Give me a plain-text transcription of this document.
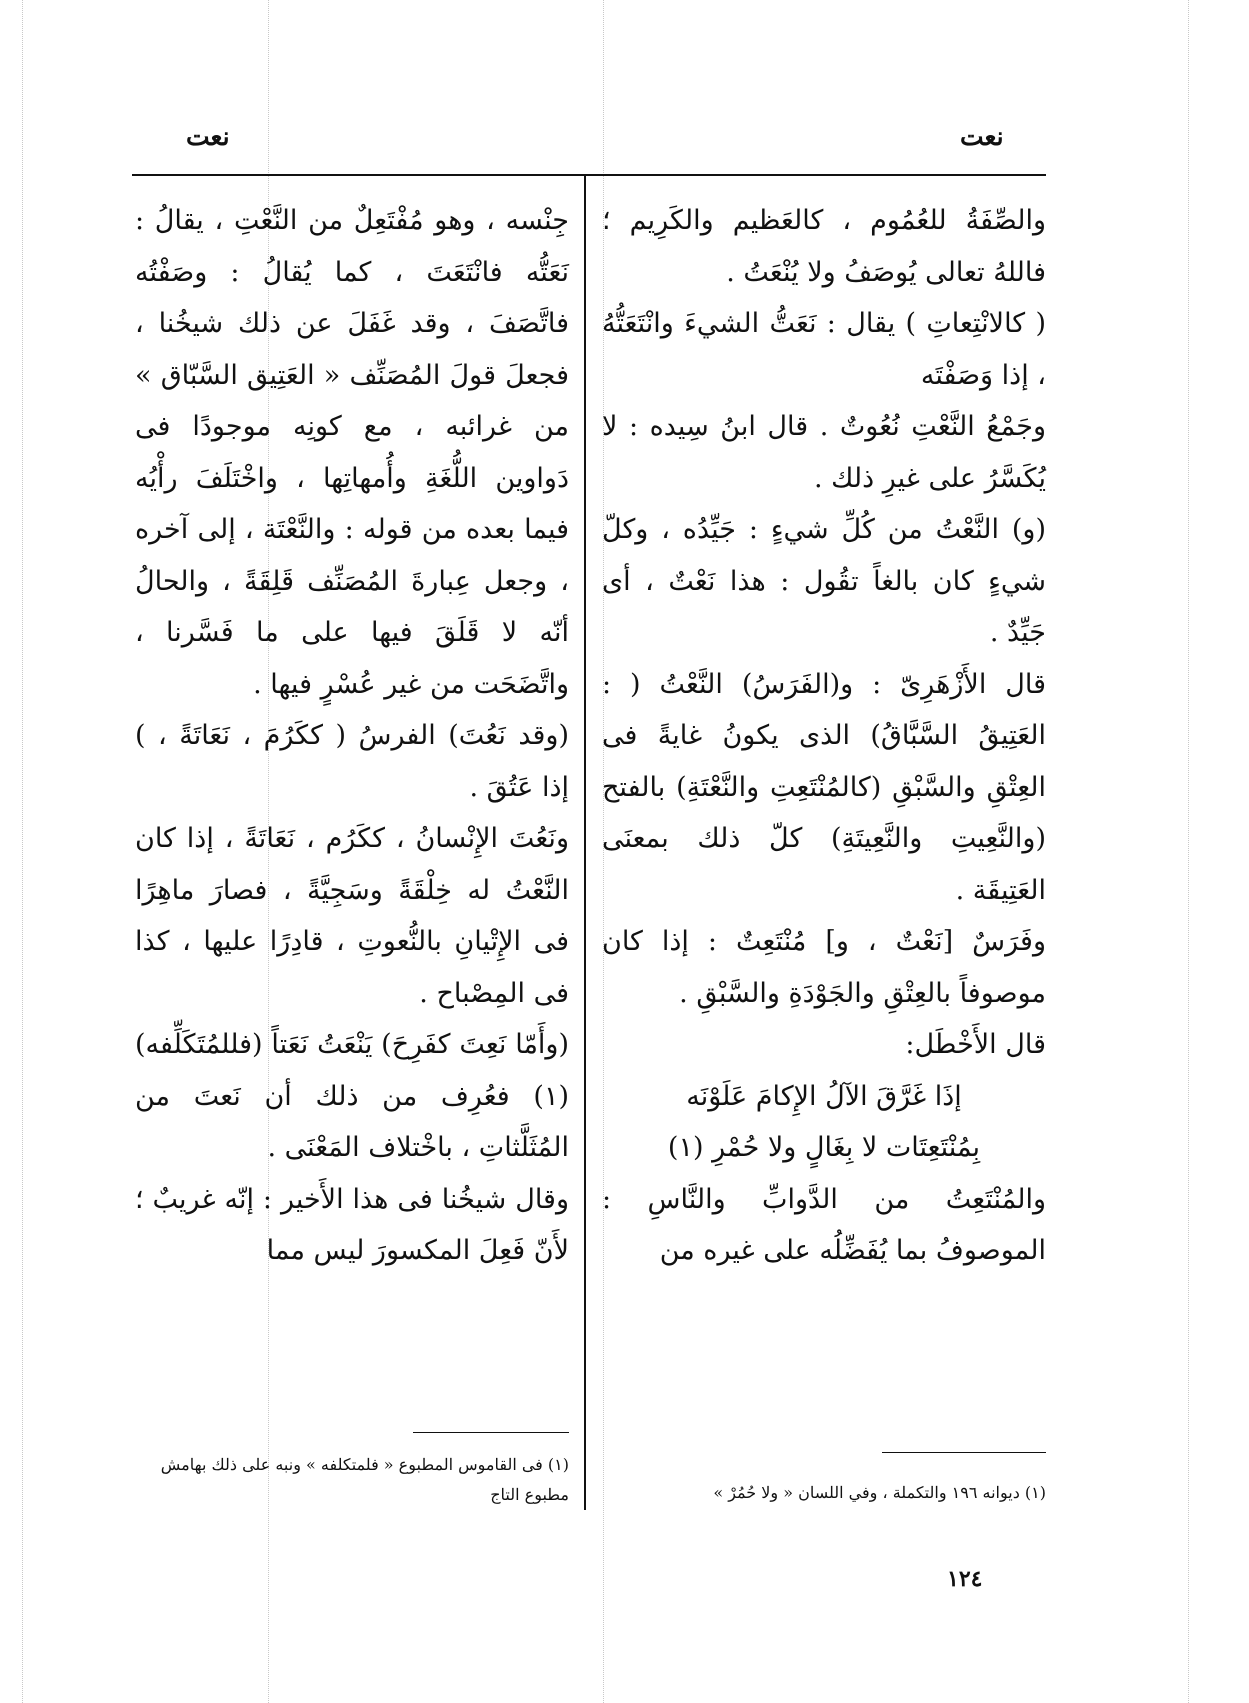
نعت
نعت

والصِّفَةُ للعُمُوم ، كالعَظيم والكَرِيم ؛ فاللهُ تعالى يُوصَفُ ولا يُنْعَتُ .

( كالانْتِعاتِ ) يقال : نَعَتُّ الشيءَ وانْتَعَتُّهُ ، إذا وَصَفْتَه

وجَمْعُ النَّعْتِ نُعُوتٌ . قال ابنُ سِيده : لا يُكَسَّرُ على غيرِ ذلك .

(و) النَّعْتُ من كُلِّ شيءٍ : جَيِّدُه ، وكلّ شيءٍ كان بالغاً تقُول : هذا نَعْتٌ ، أى جَيِّدٌ .

قال الأَزْهَرِىّ : و(الفَرَسُ) النَّعْتُ ( : العَتِيقُ السَّبَّاقُ) الذى يكونُ غايةً فى العِتْقِ والسَّبْقِ (كالمُنْتَعِتِ والنَّعْتَةِ) بالفتح (والنَّعِيتِ والنَّعِيتَةِ) كلّ ذلك بمعنَى العَتِيقَة .

وفَرَسٌ [نَعْتٌ ، و] مُنْتَعِتٌ : إذا كان موصوفاً بالعِتْقِ والجَوْدَةِ والسَّبْقِ .

قال الأَخْطَل:

إذَا غَرَّقَ الآلُ الإِكامَ عَلَوْنَه

بِمُنْتَعِتَات لا بِغَالٍ ولا حُمْرِ (١)

والمُنْتَعِتُ من الدَّوابِّ والنَّاسِ : الموصوفُ بما يُفَضِّلُه على غيره من

جِنْسه ، وهو مُفْتَعِلٌ من النَّعْتِ ، يقالُ : نَعَتُّه فانْتَعَتَ ، كما يُقالُ : وصَفْتُه فاتَّصَفَ ، وقد غَفَلَ عن ذلك شيخُنا ، فجعلَ قولَ المُصَنِّف « العَتِيق السَّبّاق » من غرائبه ، مع كونِه موجودًا فى دَواوين اللُّغَةِ وأُمهاتِها ، واخْتَلَفَ رأْيُه فيما بعده من قوله : والنَّعْتَة ، إلى آخره ، وجعل عِبارةَ المُصَنِّف قَلِقَةً ، والحالُ أنّه لا قَلَقَ فيها على ما فَسَّرنا ، واتَّضَحَت من غير عُسْرٍ فيها .

(وقد نَعُتَ) الفرسُ ( ككَرُمَ ، نَعَاتَةً ، ) إذا عَتُقَ .

ونَعُتَ الإِنْسانُ ، ككَرُم ، نَعَاتَةً ، إذا كان النَّعْتُ له خِلْقَةً وسَجِيَّةً ، فصارَ ماهِرًا فى الإِتْيانِ بالنُّعوتِ ، قادِرًا عليها ، كذا فى المِصْباح .

(وأَمّا نَعِتَ كفَرِحَ) يَنْعَتُ نَعَتاً (فللمُتَكَلِّفه) (١) فعُرِف من ذلك أن نَعتَ من المُثَلَّثاتِ ، باخْتلاف المَعْنَى .

وقال شيخُنا فى هذا الأَخير : إنّه غريبٌ ؛ لأَنّ فَعِلَ المكسورَ ليس مما

(١) ديوانه ١٩٦ والتكملة ، وفي اللسان « ولا حُمُرْ »
(١) فى القاموس المطبوع « فلمتكلفه » ونبه على ذلك بهامش مطبوع التاج
١٢٤
